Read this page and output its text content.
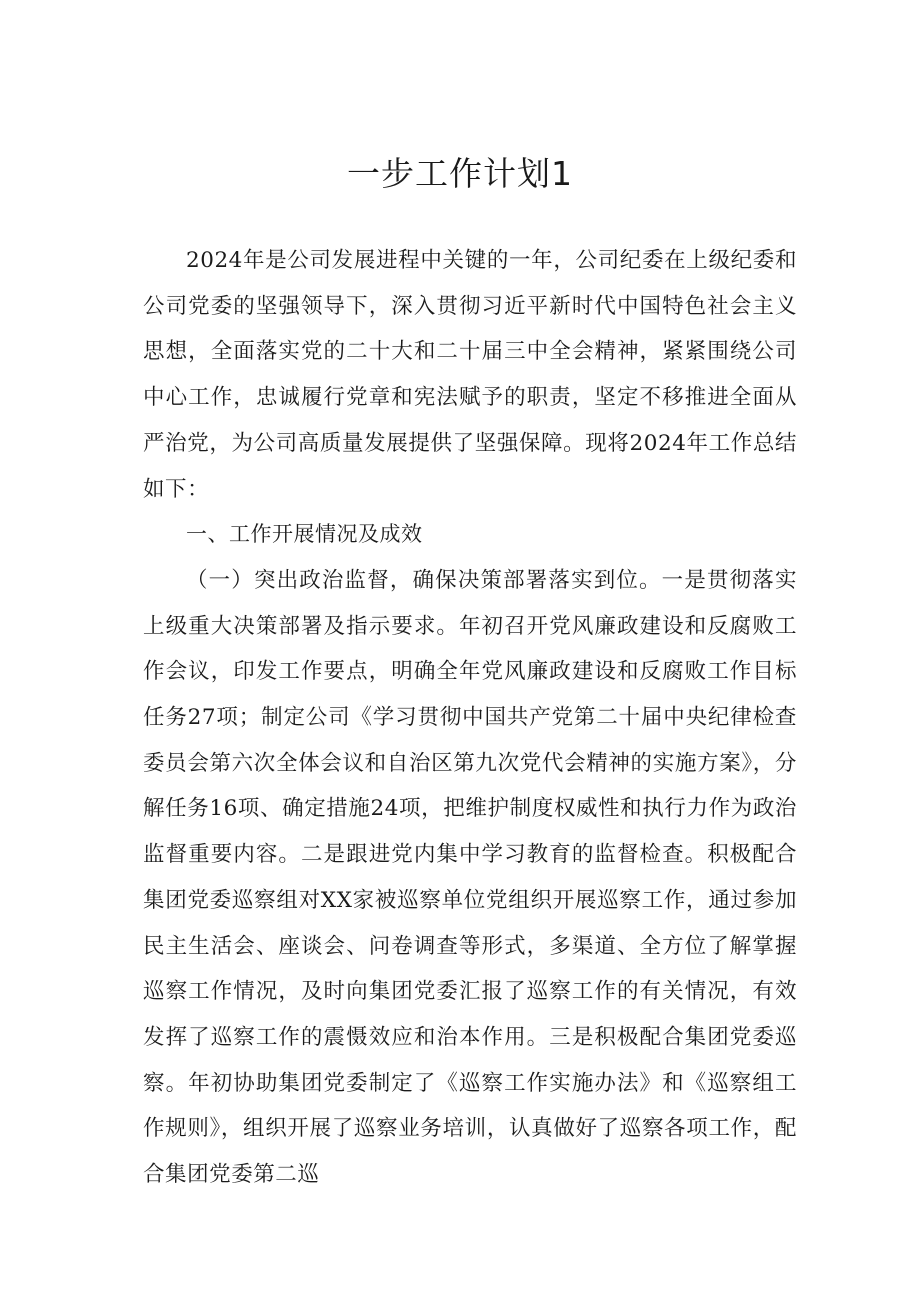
一步工作计划1

2024年是公司发展进程中关键的一年，公司纪委在上级纪委和公司党委的坚强领导下，深入贯彻习近平新时代中国特色社会主义思想，全面落实党的二十大和二十届三中全会精神，紧紧围绕公司中心工作，忠诚履行党章和宪法赋予的职责，坚定不移推进全面从严治党，为公司高质量发展提供了坚强保障。现将2024年工作总结如下：

一、工作开展情况及成效

（一）突出政治监督，确保决策部署落实到位。一是贯彻落实上级重大决策部署及指示要求。年初召开党风廉政建设和反腐败工作会议，印发工作要点，明确全年党风廉政建设和反腐败工作目标任务27项；制定公司《学习贯彻中国共产党第二十届中央纪律检查委员会第六次全体会议和自治区第九次党代会精神的实施方案》，分解任务16项、确定措施24项，把维护制度权威性和执行力作为政治监督重要内容。二是跟进党内集中学习教育的监督检查。积极配合集团党委巡察组对XX家被巡察单位党组织开展巡察工作，通过参加民主生活会、座谈会、问卷调查等形式，多渠道、全方位了解掌握巡察工作情况，及时向集团党委汇报了巡察工作的有关情况，有效发挥了巡察工作的震慑效应和治本作用。三是积极配合集团党委巡察。年初协助集团党委制定了《巡察工作实施办法》和《巡察组工作规则》，组织开展了巡察业务培训，认真做好了巡察各项工作，配合集团党委第二巡
